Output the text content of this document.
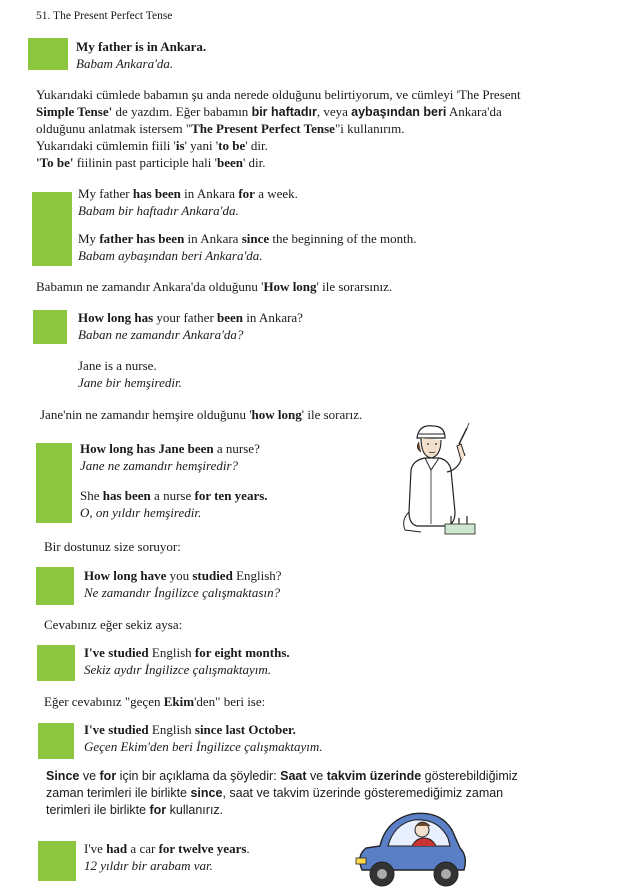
51. The Present Perfect Tense
My father is in Ankara.
Babam Ankara'da.
Yukarıdaki cümlede babamın şu anda nerede olduğunu belirtiyorum, ve cümleyi 'The Present
Simple Tense' de yazdım. Eğer babamın bir haftadır, veya aybaşından beri Ankara'da
olduğunu anlatmak istersem "The Present Perfect Tense"i kullanırım.
Yukarıdaki cümlemin fiili 'is' yani 'to be' dir.
'To be' fiilinin past participle hali 'been' dir.
My father has been in Ankara for a week.
Babam bir haftadır Ankara'da.
My father has been in Ankara since the beginning of the month.
Babam aybaşından beri Ankara'da.
Babamın ne zamandır Ankara'da olduğunu 'How long' ile sorarsınız.
How long has your father been in Ankara?
Baban ne zamandır Ankara'da?
Jane is a nurse.
Jane bir hemşiredir.
Jane'nin ne zamandır hemşire olduğunu 'how long' ile sorarız.
How long has Jane been a nurse?
Jane ne zamandır hemşiredir?
She has been a nurse for ten years.
O, on yıldır hemşiredir.
Bir dostunuz size soruyor:
How long have you studied English?
Ne zamandır İngilizce çalışmaktasın?
Cevabınız eğer sekiz aysa:
I've studied English for eight months.
Sekiz aydır İngilizce çalışmaktayım.
Eğer cevabınız "geçen Ekim'den" beri ise:
I've studied English since last October.
Geçen Ekim'den beri İngilizce çalışmaktayım.
Since ve for için bir açıklama da şöyledir: Saat ve takvim üzerinde gösterebildiğimiz
zaman terimleri ile birlikte since, saat ve takvim üzerinde gösteremediğimiz zaman
terimleri ile birlikte for kullanırız.
I've had a car for twelve years.
12 yıldır bir arabam var.
